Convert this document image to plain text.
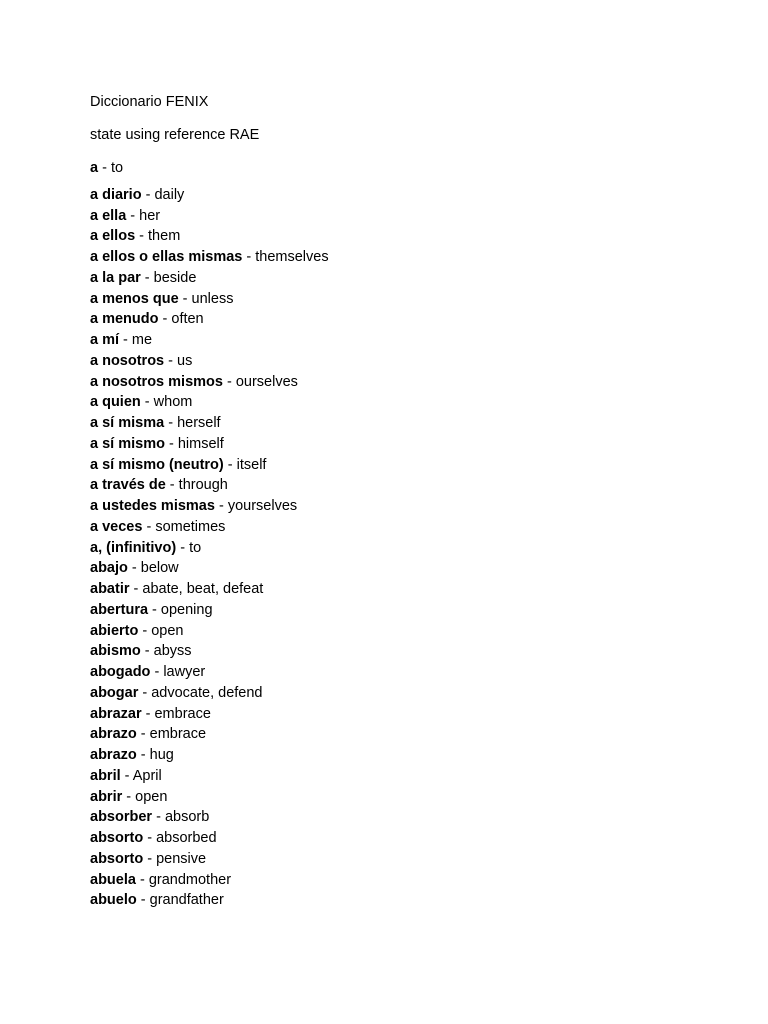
Diccionario FENIX
state using reference RAE
a - to
a diario - daily
a ella - her
a ellos - them
a ellos o ellas mismas - themselves
a la par - beside
a menos que - unless
a menudo - often
a mí - me
a nosotros - us
a nosotros mismos - ourselves
a quien - whom
a sí misma - herself
a sí mismo - himself
a sí mismo (neutro) - itself
a través de - through
a ustedes mismas - yourselves
a veces - sometimes
a, (infinitivo) - to
abajo - below
abatir - abate, beat, defeat
abertura - opening
abierto - open
abismo - abyss
abogado - lawyer
abogar - advocate, defend
abrazar - embrace
abrazo - embrace
abrazo - hug
abril - April
abrir - open
absorber - absorb
absorto - absorbed
absorto - pensive
abuela - grandmother
abuelo - grandfather
